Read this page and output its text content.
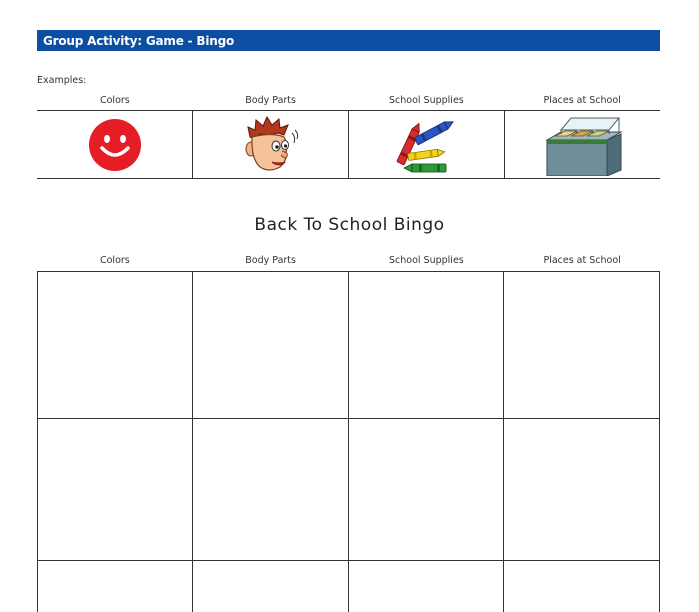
Group Activity: Game - Bingo
Examples:
Colors	Body Parts	School Supplies	Places at School
Back To School Bingo
Colors	Body Parts	School Supplies	Places at School
